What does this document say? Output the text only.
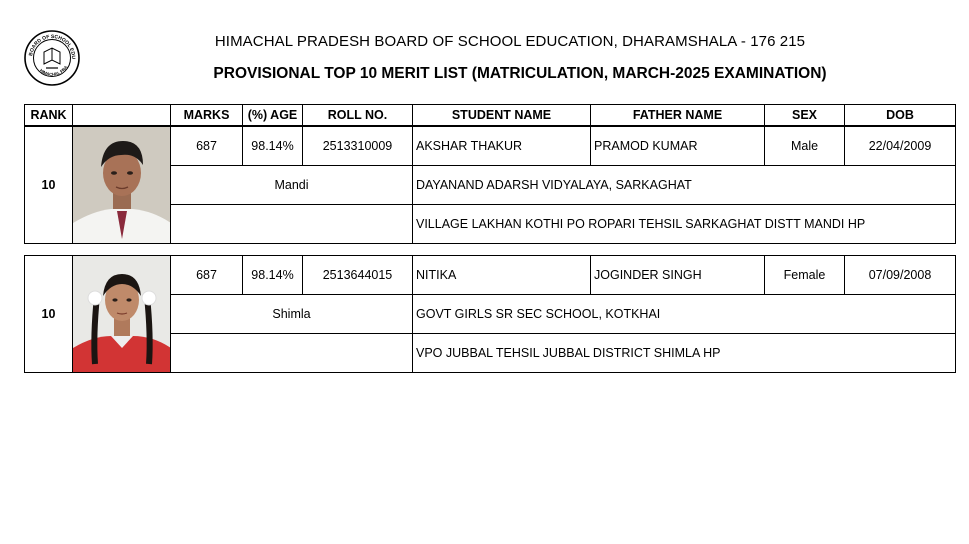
BOARD OF SCHOOL EDU
HIMACHAL PRA
HIMACHAL PRADESH BOARD OF SCHOOL EDUCATION, DHARAMSHALA - 176 215
PROVISIONAL TOP 10 MERIT LIST (MATRICULATION, MARCH-2025 EXAMINATION)
RANK		MARKS	(%) AGE	ROLL NO.	STUDENT NAME	FATHER NAME	SEX	DOB
10		687	98.14%	2513310009	AKSHAR THAKUR	PRAMOD KUMAR	Male	22/04/2009
		Mandi			DAYANAND ADARSH VIDYALAYA, SARKAGHAT			
					VILLAGE LAKHAN KOTHI PO ROPARI TEHSIL SARKAGHAT DISTT MANDI HP			
10		687	98.14%	2513644015	NITIKA	JOGINDER SINGH	Female	07/09/2008
		Shimla			GOVT GIRLS SR SEC SCHOOL, KOTKHAI			
					VPO JUBBAL TEHSIL JUBBAL DISTRICT SHIMLA HP			
